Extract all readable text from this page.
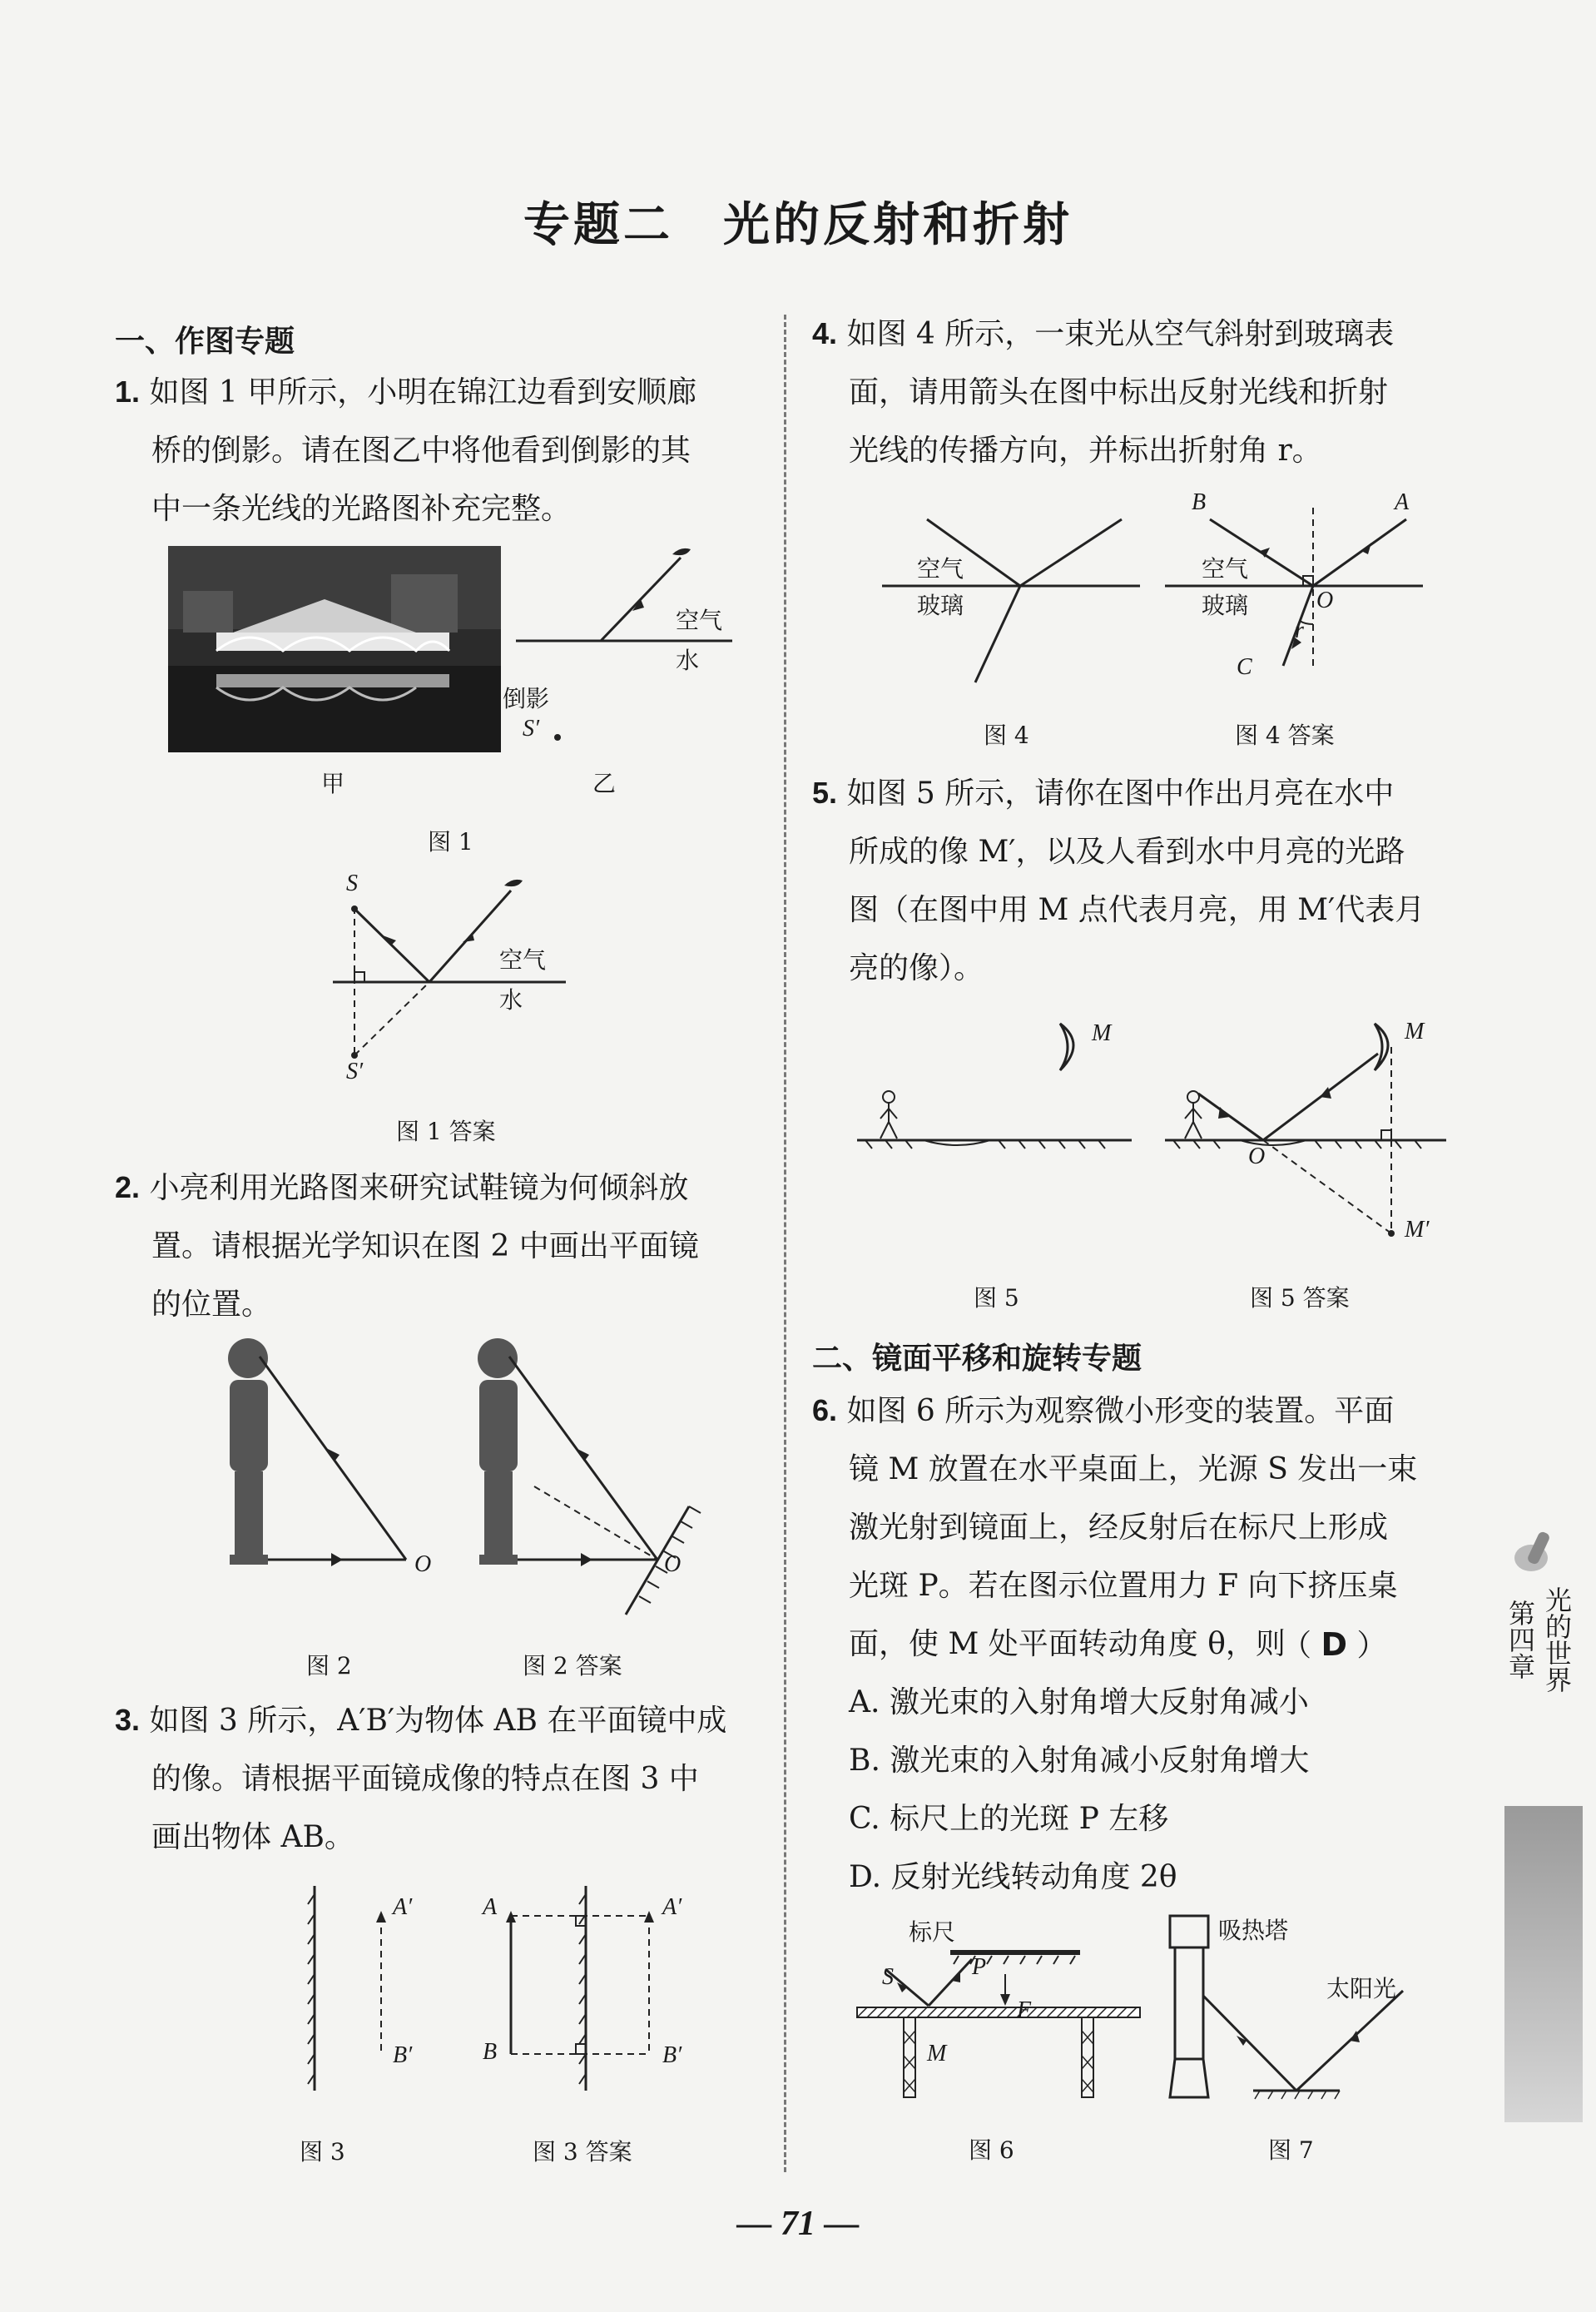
专题二　光的反射和折射
一、作图专题
1. 如图 1 甲所示，小明在锦江边看到安顺廊
桥的倒影。请在图乙中将他看到倒影的其
中一条光线的光路图补充完整。
空气
水
倒影
S′
甲	乙
图 1
S
S′
空气
水
图 1 答案
2. 小亮利用光路图来研究试鞋镜为何倾斜放
置。请根据光学知识在图 2 中画出平面镜
的位置。
O	O
图 2	图 2 答案
3. 如图 3 所示，A′B′为物体 AB 在平面镜中成
的像。请根据平面镜成像的特点在图 3 中
画出物体 AB。
A′
B′
A
B
A′
B′
图 3	图 3 答案
4. 如图 4 所示，一束光从空气斜射到玻璃表
面，请用箭头在图中标出反射光线和折射
光线的传播方向，并标出折射角 r。
空气
玻璃
空气
玻璃
B	A
O
r
C
图 4	图 4 答案
5. 如图 5 所示，请你在图中作出月亮在水中
所成的像 M′，以及人看到水中月亮的光路
图（在图中用 M 点代表月亮，用 M′代表月
亮的像）。
M	M
O
M′
图 5	图 5 答案
二、镜面平移和旋转专题
6. 如图 6 所示为观察微小形变的装置。平面
镜 M 放置在水平桌面上，光源 S 发出一束
激光射到镜面上，经反射后在标尺上形成
光斑 P。若在图示位置用力 F 向下挤压桌
面，使 M 处平面转动角度 θ，则
（ D ）
A. 激光束的入射角增大反射角减小
B. 激光束的入射角减小反射角增大
C. 标尺上的光斑 P 左移
D. 反射光线转动角度 2θ
标尺
S	P
F
M
图 6
吸热塔
太阳光
图 7
第四章 光的世界
— 71 —
